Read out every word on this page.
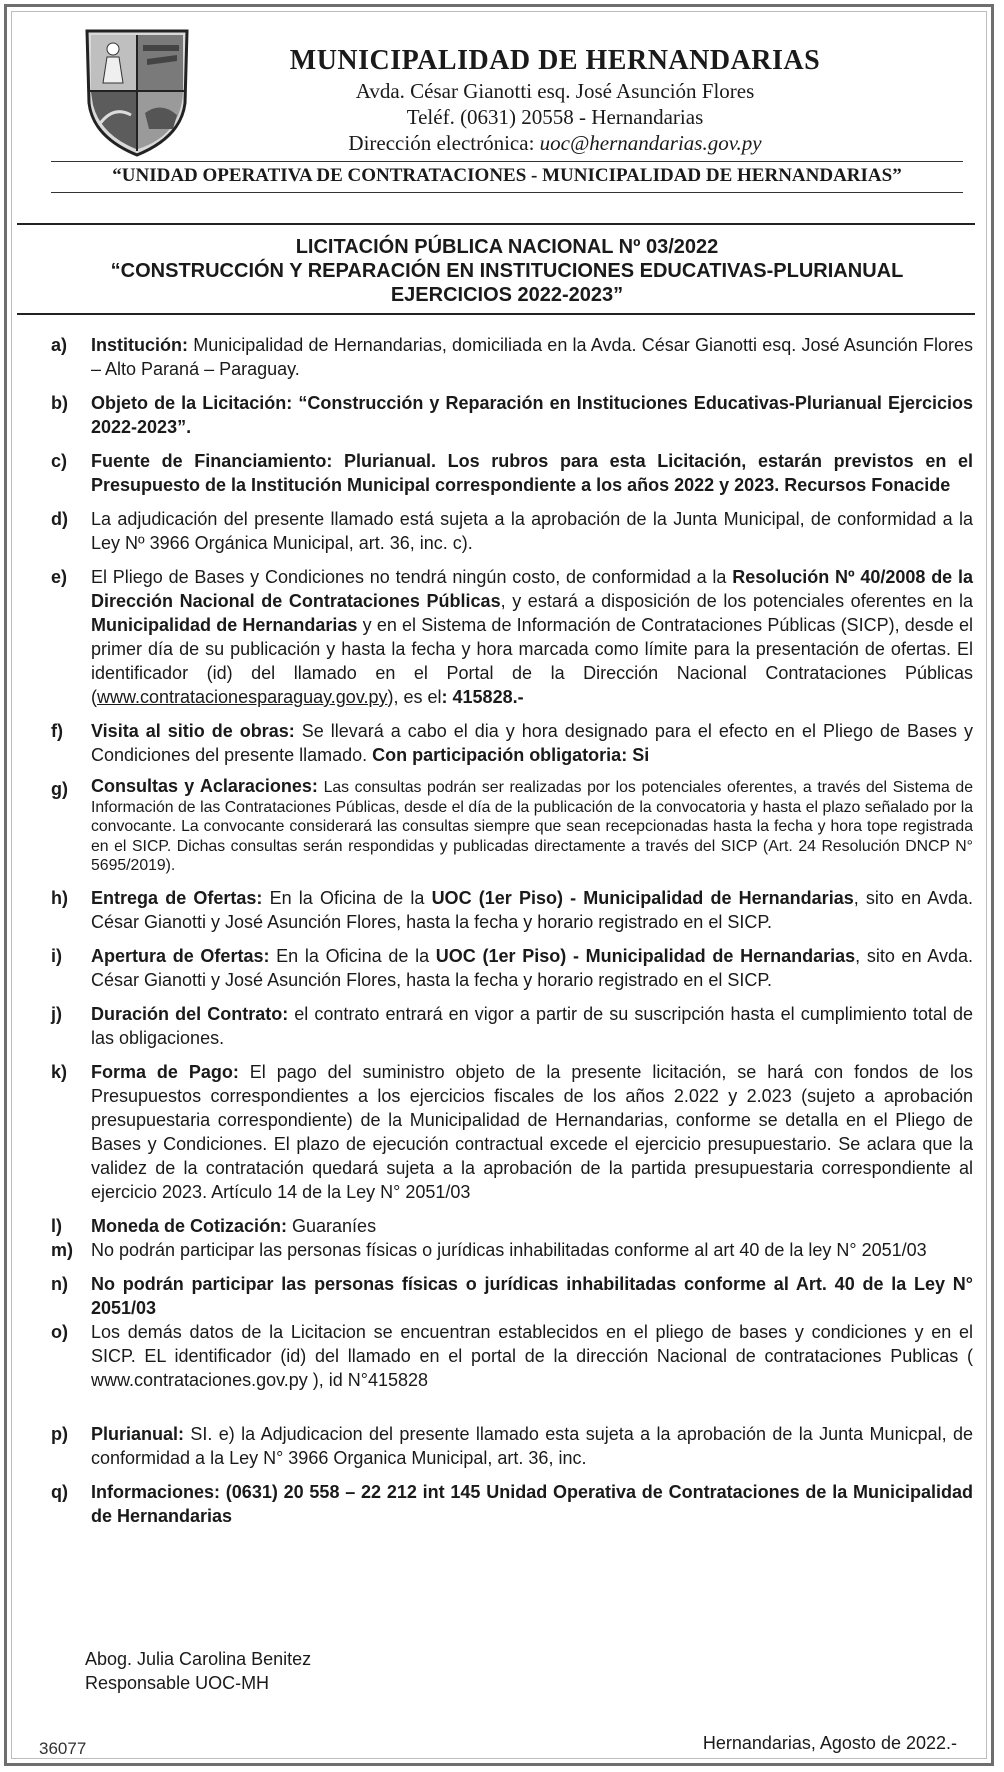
MUNICIPALIDAD DE HERNANDARIAS
Avda. César Gianotti esq. José Asunción Flores
Teléf. (0631) 20558 - Hernandarias
Dirección electrónica: uoc@hernandarias.gov.py
“UNIDAD OPERATIVA DE CONTRATACIONES - MUNICIPALIDAD DE HERNANDARIAS”
LICITACIÓN PÚBLICA NACIONAL Nº 03/2022
“CONSTRUCCIÓN Y REPARACIÓN EN INSTITUCIONES EDUCATIVAS-PLURIANUAL
EJERCICIOS 2022-2023”
a)	Institución: Municipalidad de Hernandarias, domiciliada en la Avda. César Gianotti esq. José Asunción Flores – Alto Paraná – Paraguay.
b)	Objeto de la Licitación: “Construcción y Reparación en Instituciones Educativas-Plurianual Ejercicios 2022-2023”.
c)	Fuente de Financiamiento: Plurianual. Los rubros para esta Licitación, estarán previstos en el Presupuesto de la Institución Municipal correspondiente a los años 2022 y 2023. Recursos Fonacide
d)	La adjudicación del presente llamado está sujeta a la aprobación de la Junta Municipal, de conformidad a la Ley Nº 3966 Orgánica Municipal, art. 36, inc. c).
e)	El Pliego de Bases y Condiciones no tendrá ningún costo, de conformidad a la Resolución Nº 40/2008 de la Dirección Nacional de Contrataciones Públicas, y estará a disposición de los potenciales oferentes en la Municipalidad de Hernandarias y en el Sistema de Información de Contrataciones Públicas (SICP), desde el primer día de su publicación y hasta la fecha y hora marcada como límite para la presentación de ofertas. El identificador (id) del llamado en el Portal de la Dirección Nacional Contrataciones Públicas (www.contratacionesparaguay.gov.py), es el: 415828.-
f)	Visita al sitio de obras: Se llevará a cabo el dia y hora designado para el efecto en el Pliego de Bases y Condiciones del presente llamado. Con participación obligatoria: Si
g)	Consultas y Aclaraciones: Las consultas podrán ser realizadas por los potenciales oferentes, a través del Sistema de Información de las Contrataciones Públicas, desde el día de la publicación de la convocatoria y hasta el plazo señalado por la convocante. La convocante considerará las consultas siempre que sean recepcionadas hasta la fecha y hora tope registrada en el SICP. Dichas consultas serán respondidas y publicadas directamente a través del SICP (Art. 24 Resolución DNCP N° 5695/2019).
h)	Entrega de Ofertas: En la Oficina de la UOC (1er Piso) - Municipalidad de Hernandarias, sito en Avda. César Gianotti y José Asunción Flores, hasta la fecha y horario registrado en el SICP.
i)	Apertura de Ofertas: En la Oficina de la UOC (1er Piso) - Municipalidad de Hernandarias, sito en Avda. César Gianotti y José Asunción Flores, hasta la fecha y horario registrado en el SICP.
j)	Duración del Contrato: el contrato entrará en vigor a partir de su suscripción hasta el cumplimiento total de las obligaciones.
k)	Forma de Pago: El pago del suministro objeto de la presente licitación, se hará con fondos de los Presupuestos correspondientes a los ejercicios fiscales de los años 2.022 y 2.023 (sujeto a aprobación presupuestaria correspondiente) de la Municipalidad de Hernandarias, conforme se detalla en el Pliego de Bases y Condiciones. El plazo de ejecución contractual excede el ejercicio presupuestario. Se aclara que la validez de la contratación quedará sujeta a la aprobación de la partida presupuestaria correspondiente al ejercicio 2023. Artículo 14 de la Ley N° 2051/03
l)	Moneda de Cotización: Guaraníes
m)	No podrán participar las personas físicas o jurídicas inhabilitadas conforme al art 40 de la ley N° 2051/03
n)	No podrán participar las personas físicas o jurídicas inhabilitadas conforme al Art. 40 de la Ley N° 2051/03
o)	Los demás datos de la Licitacion se encuentran establecidos en el pliego de bases y condiciones y en el SICP. EL identificador (id) del llamado en el portal de la dirección Nacional de contrataciones Publicas ( www.contrataciones.gov.py ), id N°415828
p)	Plurianual: SI. e) la Adjudicacion del presente llamado esta sujeta a la aprobación de la Junta Municpal, de conformidad a la Ley N° 3966 Organica Municipal, art. 36, inc.
q)	Informaciones: (0631) 20 558 – 22 212 int 145 Unidad Operativa de Contrataciones de la Municipalidad de Hernandarias
Abog. Julia Carolina Benitez
Responsable UOC-MH
36077	Hernandarias, Agosto de 2022.-
